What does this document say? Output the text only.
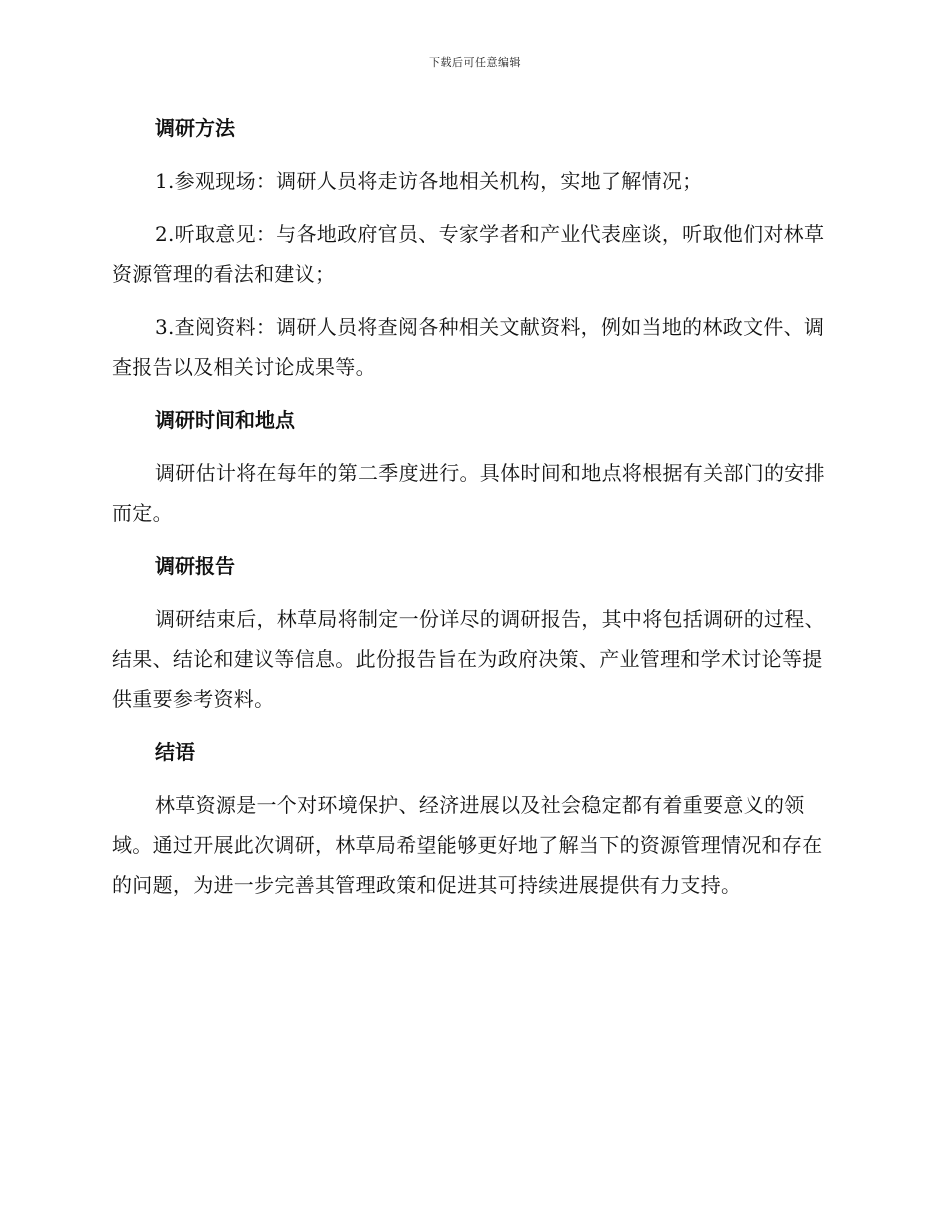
下载后可任意编辑
调研方法

1.参观现场：调研人员将走访各地相关机构，实地了解情况；

2.听取意见：与各地政府官员、专家学者和产业代表座谈，听取他们对林草资源管理的看法和建议；

3.查阅资料：调研人员将查阅各种相关文献资料，例如当地的林政文件、调查报告以及相关讨论成果等。

调研时间和地点

调研估计将在每年的第二季度进行。具体时间和地点将根据有关部门的安排而定。

调研报告

调研结束后，林草局将制定一份详尽的调研报告，其中将包括调研的过程、结果、结论和建议等信息。此份报告旨在为政府决策、产业管理和学术讨论等提供重要参考资料。

结语

林草资源是一个对环境保护、经济进展以及社会稳定都有着重要意义的领域。通过开展此次调研，林草局希望能够更好地了解当下的资源管理情况和存在的问题，为进一步完善其管理政策和促进其可持续进展提供有力支持。
